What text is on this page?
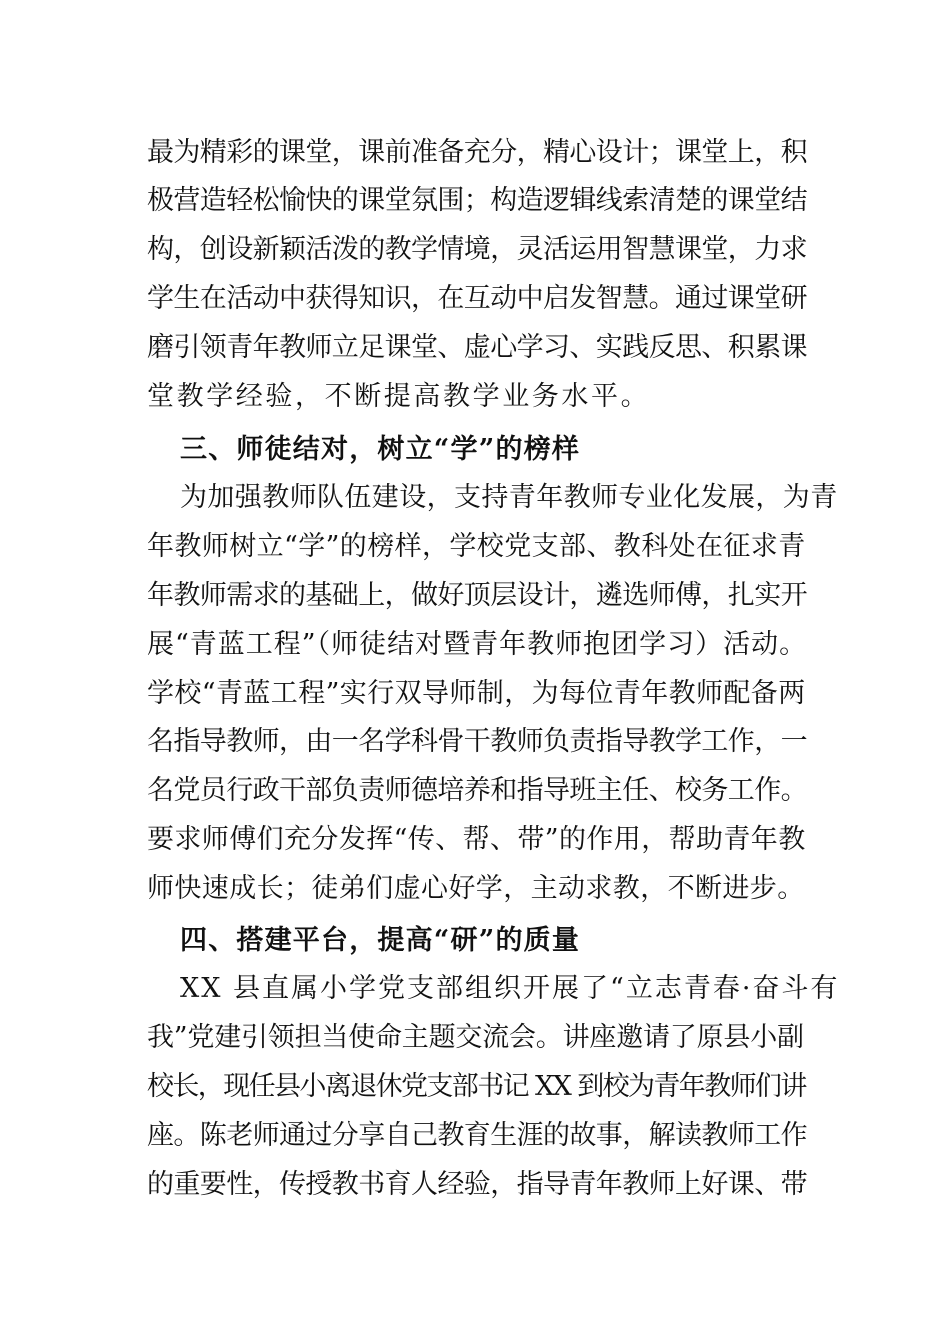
最为精彩的课堂，课前准备充分，精心设计；课堂上，积
极营造轻松愉快的课堂氛围；构造逻辑线索清楚的课堂结
构，创设新颖活泼的教学情境，灵活运用智慧课堂，力求
学生在活动中获得知识，在互动中启发智慧。通过课堂研
磨引领青年教师立足课堂、虚心学习、实践反思、积累课
堂教学经验，不断提高教学业务水平。
三、师徒结对，树立“学”的榜样
为加强教师队伍建设，支持青年教师专业化发展，为青
年教师树立“学”的榜样，学校党支部、教科处在征求青
年教师需求的基础上，做好顶层设计，遴选师傅，扎实开
展“青蓝工程”（师徒结对暨青年教师抱团学习）活动。
学校“青蓝工程”实行双导师制，为每位青年教师配备两
名指导教师，由一名学科骨干教师负责指导教学工作，一
名党员行政干部负责师德培养和指导班主任、校务工作。
要求师傅们充分发挥“传、帮、带”的作用，帮助青年教
师快速成长；徒弟们虚心好学，主动求教，不断进步。
四、搭建平台，提高“研”的质量
XX 县直属小学党支部组织开展了“立志青春·奋斗有
我”党建引领担当使命主题交流会。讲座邀请了原县小副
校长，现任县小离退休党支部书记 XX 到校为青年教师们讲
座。陈老师通过分享自己教育生涯的故事，解读教师工作
的重要性，传授教书育人经验，指导青年教师上好课、带
